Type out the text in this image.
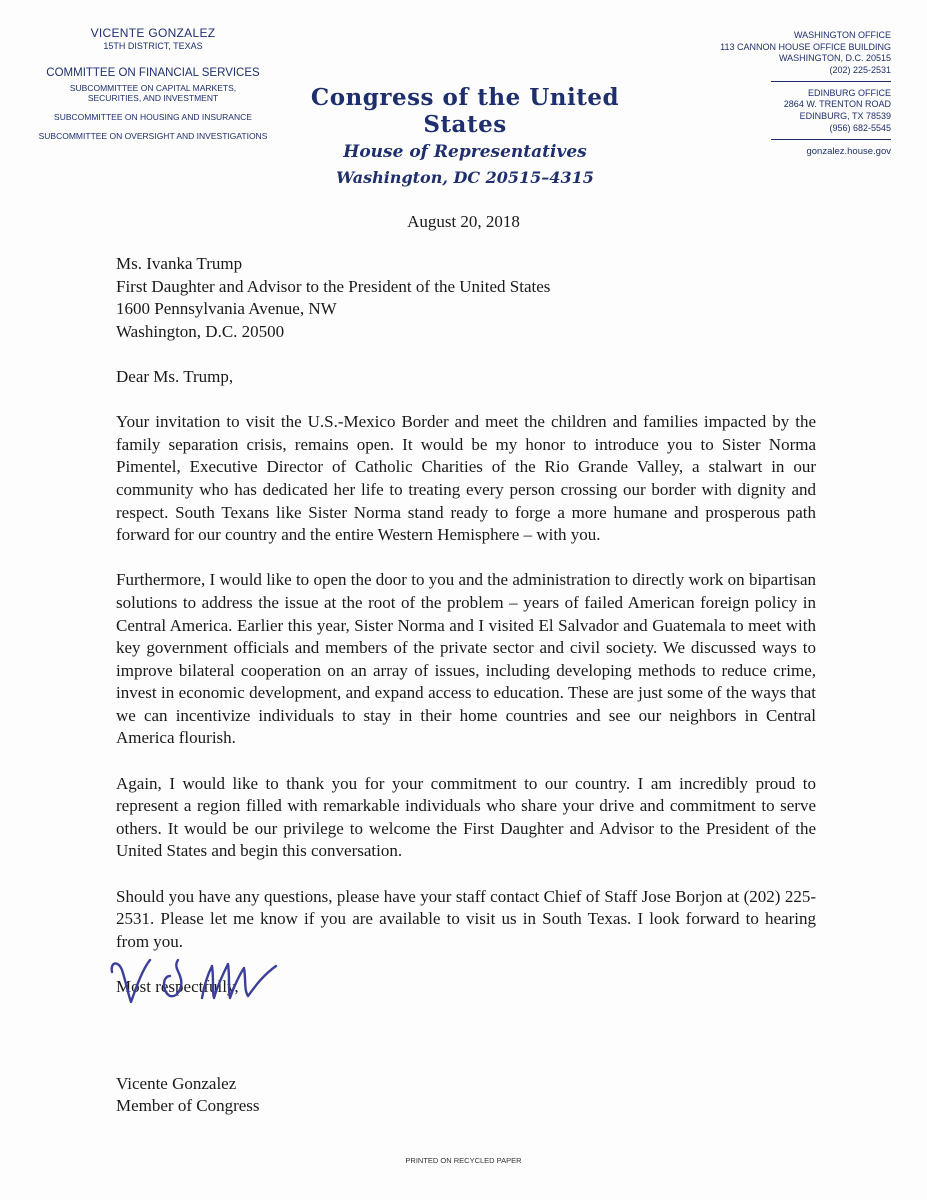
VICENTE GONZALEZ
15TH DISTRICT, TEXAS
COMMITTEE ON FINANCIAL SERVICES
SUBCOMMITTEE ON CAPITAL MARKETS,
SECURITIES, AND INVESTMENT
SUBCOMMITTEE ON HOUSING AND INSURANCE
SUBCOMMITTEE ON OVERSIGHT AND INVESTIGATIONS
Congress of the United States
House of Representatives
Washington, DC 20515–4315
WASHINGTON OFFICE
113 CANNON HOUSE OFFICE BUILDING
WASHINGTON, D.C. 20515
(202) 225-2531
EDINBURG OFFICE
2864 W. TRENTON ROAD
EDINBURG, TX 78539
(956) 682-5545
gonzalez.house.gov
August 20, 2018

Ms. Ivanka Trump

First Daughter and Advisor to the President of the United States

1600 Pennsylvania Avenue, NW

Washington, D.C. 20500

Dear Ms. Trump,

Your invitation to visit the U.S.-Mexico Border and meet the children and families impacted by the family separation crisis, remains open. It would be my honor to introduce you to Sister Norma Pimentel, Executive Director of Catholic Charities of the Rio Grande Valley, a stalwart in our community who has dedicated her life to treating every person crossing our border with dignity and respect. South Texans like Sister Norma stand ready to forge a more humane and prosperous path forward for our country and the entire Western Hemisphere – with you.

Furthermore, I would like to open the door to you and the administration to directly work on bipartisan solutions to address the issue at the root of the problem – years of failed American foreign policy in Central America. Earlier this year, Sister Norma and I visited El Salvador and Guatemala to meet with key government officials and members of the private sector and civil society. We discussed ways to improve bilateral cooperation on an array of issues, including developing methods to reduce crime, invest in economic development, and expand access to education. These are just some of the ways that we can incentivize individuals to stay in their home countries and see our neighbors in Central America flourish.

Again, I would like to thank you for your commitment to our country. I am incredibly proud to represent a region filled with remarkable individuals who share your drive and commitment to serve others. It would be our privilege to welcome the First Daughter and Advisor to the President of the United States and begin this conversation.

Should you have any questions, please have your staff contact Chief of Staff Jose Borjon at (202) 225-2531. Please let me know if you are available to visit us in South Texas. I look forward to hearing from you.

Most respectfully,

Vicente Gonzalez

Member of Congress

PRINTED ON RECYCLED PAPER
